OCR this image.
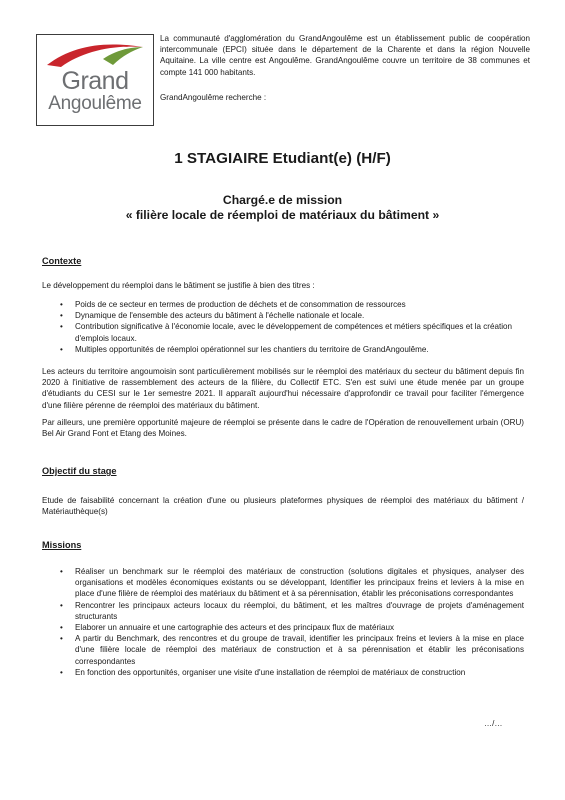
Grand
Angoulême

La communauté d'agglomération du GrandAngoulême est un établissement public de coopération intercommunale (EPCI) située dans le département de la Charente et dans la région Nouvelle Aquitaine. La ville centre est Angoulême. GrandAngoulême couvre un territoire de 38 communes et compte 141 000 habitants.

GrandAngoulême recherche :

1 STAGIAIRE Etudiant(e) (H/F)
Chargé.e de mission
« filière locale de réemploi de matériaux du bâtiment »
Contexte
Le développement du réemploi dans le bâtiment se justifie à bien des titres :
• Poids de ce secteur en termes de production de déchets et de consommation de ressources
• Dynamique de l'ensemble des acteurs du bâtiment à l'échelle nationale et locale.
• Contribution significative à l'économie locale, avec le développement de compétences et métiers spécifiques et la création d'emplois locaux.
• Multiples opportunités de réemploi opérationnel sur les chantiers du territoire de GrandAngoulême.

Les acteurs du territoire angoumoisin sont particulièrement mobilisés sur le réemploi des matériaux du secteur du bâtiment depuis fin 2020 à l'initiative de rassemblement des acteurs de la filière, du Collectif ETC. S'en est suivi une étude menée par un groupe d'étudiants du CESI sur le 1er semestre 2021. Il apparaît aujourd'hui nécessaire d'approfondir ce travail pour faciliter l'émergence d'une filière pérenne de réemploi des matériaux du bâtiment.

Par ailleurs, une première opportunité majeure de réemploi se présente dans le cadre de l'Opération de renouvellement urbain (ORU) Bel Air Grand Font et Etang des Moines.

Objectif du stage
Etude de faisabilité concernant la création d'une ou plusieurs plateformes physiques de réemploi des matériaux du bâtiment / Matériauthèque(s)
Missions
• Réaliser un benchmark sur le réemploi des matériaux de construction (solutions digitales et physiques, analyser des organisations et modèles économiques existants ou se développant, Identifier les principaux freins et leviers à la mise en place d'une filière de réemploi des matériaux du bâtiment et à sa pérennisation, établir les préconisations correspondantes
• Rencontrer les principaux acteurs locaux du réemploi, du bâtiment, et les maîtres d'ouvrage de projets d'aménagement structurants
• Elaborer un annuaire et une cartographie des acteurs et des principaux flux de matériaux
• A partir du Benchmark, des rencontres et du groupe de travail, identifier les principaux freins et leviers à la mise en place d'une filière locale de réemploi des matériaux de construction et à sa pérennisation et établir les préconisations correspondantes
• En fonction des opportunités, organiser une visite d'une installation de réemploi de matériaux de construction
…/…
